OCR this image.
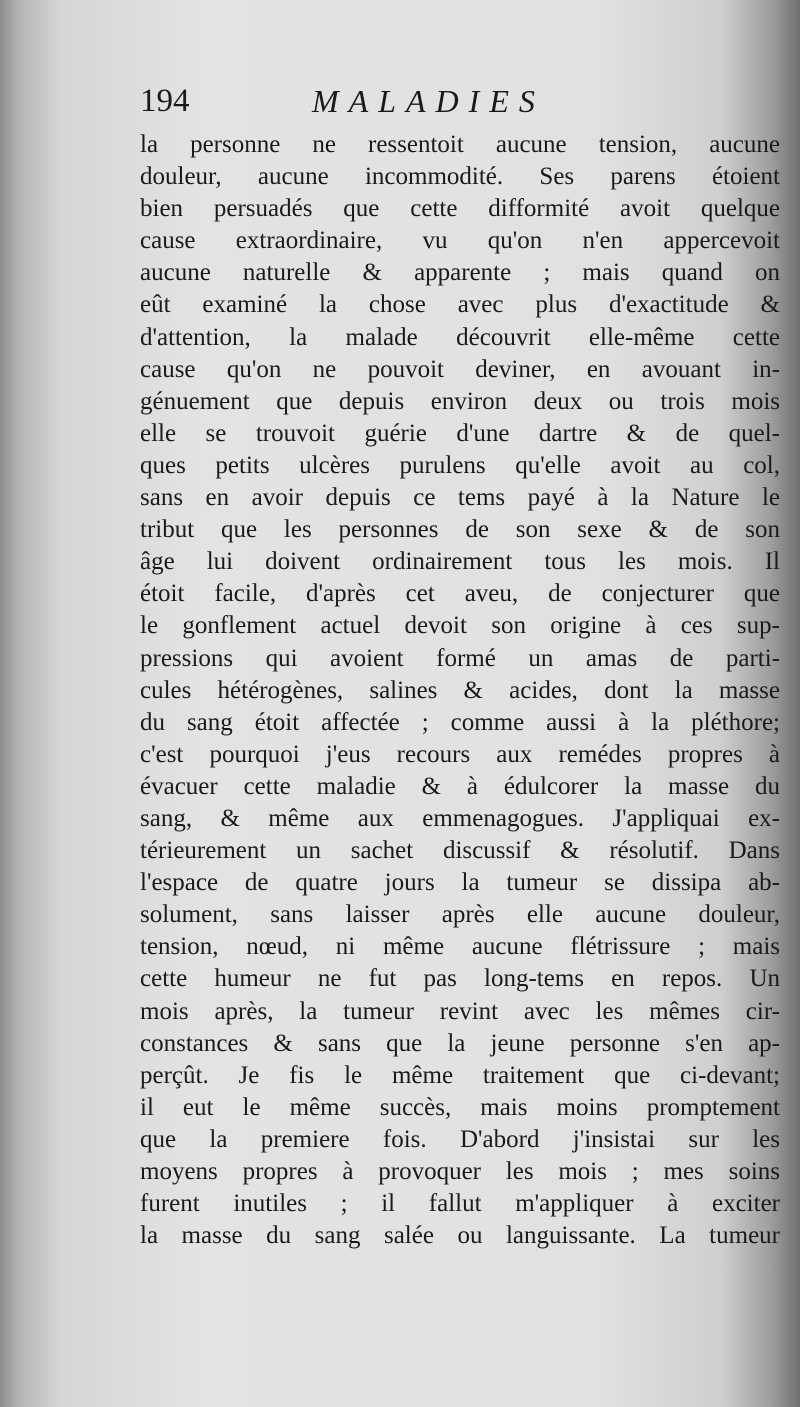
194	MALADIES
la personne ne ressentoit aucune tension, aucune
douleur, aucune incommodité. Ses parens étoient
bien persuadés que cette difformité avoit quelque
cause extraordinaire, vu qu'on n'en appercevoit
aucune naturelle & apparente ; mais quand on
eût examiné la chose avec plus d'exactitude &
d'attention, la malade découvrit elle-même cette
cause qu'on ne pouvoit deviner, en avouant in-
génuement que depuis environ deux ou trois mois
elle se trouvoit guérie d'une dartre & de quel-
ques petits ulcères purulens qu'elle avoit au col,
sans en avoir depuis ce tems payé à la Nature le
tribut que les personnes de son sexe & de son
âge lui doivent ordinairement tous les mois. Il
étoit facile, d'après cet aveu, de conjecturer que
le gonflement actuel devoit son origine à ces sup-
pressions qui avoient formé un amas de parti-
cules hétérogènes, salines & acides, dont la masse
du sang étoit affectée ; comme aussi à la pléthore;
c'est pourquoi j'eus recours aux remédes propres à
évacuer cette maladie & à édulcorer la masse du
sang, & même aux emmenagogues. J'appliquai ex-
térieurement un sachet discussif & résolutif. Dans
l'espace de quatre jours la tumeur se dissipa ab-
solument, sans laisser après elle aucune douleur,
tension, nœud, ni même aucune flétrissure ; mais
cette humeur ne fut pas long-tems en repos. Un
mois après, la tumeur revint avec les mêmes cir-
constances & sans que la jeune personne s'en ap-
perçût. Je fis le même traitement que ci-devant;
il eut le même succès, mais moins promptement
que la premiere fois. D'abord j'insistai sur les
moyens propres à provoquer les mois ; mes soins
furent inutiles ; il fallut m'appliquer à exciter
la masse du sang salée ou languissante. La tumeur
